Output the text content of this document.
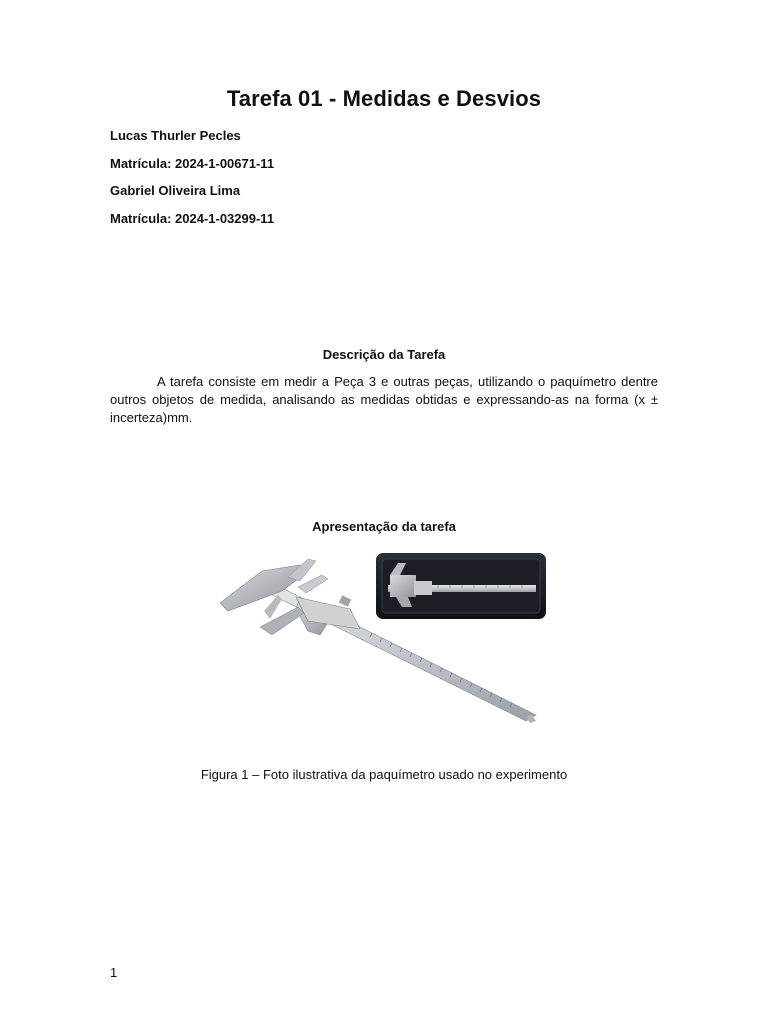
Tarefa 01 - Medidas e Desvios
Lucas Thurler Pecles
Matrícula: 2024-1-00671-11
Gabriel Oliveira Lima
Matrícula: 2024-1-03299-11
Descrição da Tarefa
A tarefa consiste em medir a Peça 3 e outras peças, utilizando o paquímetro dentre outros objetos de medida, analisando as medidas obtidas e expressando-as na forma (x ± incerteza)mm.
Apresentação da tarefa
Figura 1 – Foto ilustrativa da paquímetro usado no experimento
1
